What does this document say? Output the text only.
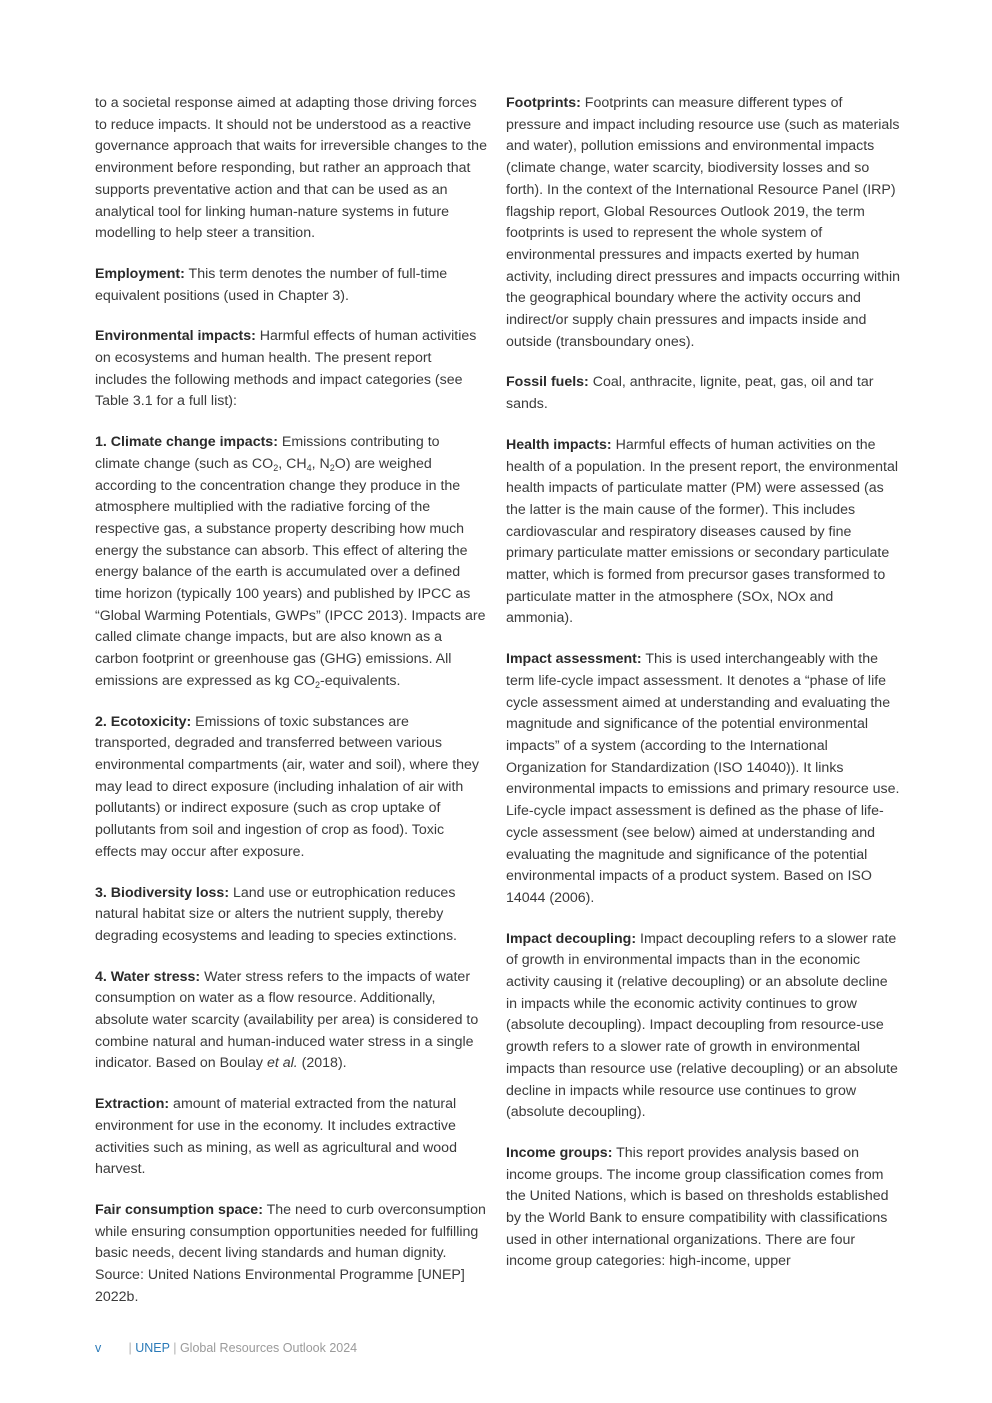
to a societal response aimed at adapting those driving forces to reduce impacts. It should not be understood as a reactive governance approach that waits for irreversible changes to the environment before responding, but rather an approach that supports preventative action and that can be used as an analytical tool for linking human-nature systems in future modelling to help steer a transition.

Employment: This term denotes the number of full-time equivalent positions (used in Chapter 3).

Environmental impacts: Harmful effects of human activities on ecosystems and human health. The present report includes the following methods and impact categories (see Table 3.1 for a full list):

1. Climate change impacts: Emissions contributing to climate change (such as $CO_2$, $CH_4$, $N_2O$) are weighed according to the concentration change they produce in the atmosphere multiplied with the radiative forcing of the respective gas, a substance property describing how much energy the substance can absorb. This effect of altering the energy balance of the earth is accumulated over a defined time horizon (typically 100 years) and published by IPCC as “Global Warming Potentials, GWPs” (IPCC 2013). Impacts are called climate change impacts, but are also known as a carbon footprint or greenhouse gas (GHG) emissions. All emissions are expressed as kg $CO_2$-equivalents.

2. Ecotoxicity: Emissions of toxic substances are transported, degraded and transferred between various environmental compartments (air, water and soil), where they may lead to direct exposure (including inhalation of air with pollutants) or indirect exposure (such as crop uptake of pollutants from soil and ingestion of crop as food). Toxic effects may occur after exposure.

3. Biodiversity loss: Land use or eutrophication reduces natural habitat size or alters the nutrient supply, thereby degrading ecosystems and leading to species extinctions.

4. Water stress: Water stress refers to the impacts of water consumption on water as a flow resource. Additionally, absolute water scarcity (availability per area) is considered to combine natural and human-induced water stress in a single indicator. Based on Boulay et al. (2018).

Extraction: amount of material extracted from the natural environment for use in the economy. It includes extractive activities such as mining, as well as agricultural and wood harvest.

Fair consumption space: The need to curb overconsumption while ensuring consumption opportunities needed for fulfilling basic needs, decent living standards and human dignity. Source: United Nations Environmental Programme [UNEP] 2022b.

Footprints: Footprints can measure different types of pressure and impact including resource use (such as materials and water), pollution emissions and environmental impacts (climate change, water scarcity, biodiversity losses and so forth). In the context of the International Resource Panel (IRP) flagship report, Global Resources Outlook 2019, the term footprints is used to represent the whole system of environmental pressures and impacts exerted by human activity, including direct pressures and impacts occurring within the geographical boundary where the activity occurs and indirect/or supply chain pressures and impacts inside and outside (transboundary ones).

Fossil fuels: Coal, anthracite, lignite, peat, gas, oil and tar sands.

Health impacts: Harmful effects of human activities on the health of a population. In the present report, the environmental health impacts of particulate matter (PM) were assessed (as the latter is the main cause of the former). This includes cardiovascular and respiratory diseases caused by fine primary particulate matter emissions or secondary particulate matter, which is formed from precursor gases transformed to particulate matter in the atmosphere (SOx, NOx and ammonia).

Impact assessment: This is used interchangeably with the term life-cycle impact assessment. It denotes a “phase of life cycle assessment aimed at understanding and evaluating the magnitude and significance of the potential environmental impacts” of a system (according to the International Organization for Standardization (ISO 14040)). It links environmental impacts to emissions and primary resource use. Life-cycle impact assessment is defined as the phase of life-cycle assessment (see below) aimed at understanding and evaluating the magnitude and significance of the potential environmental impacts of a product system. Based on ISO 14044 (2006).

Impact decoupling: Impact decoupling refers to a slower rate of growth in environmental impacts than in the economic activity causing it (relative decoupling) or an absolute decline in impacts while the economic activity continues to grow (absolute decoupling). Impact decoupling from resource-use growth refers to a slower rate of growth in environmental impacts than resource use (relative decoupling) or an absolute decline in impacts while resource use continues to grow (absolute decoupling).

Income groups: This report provides analysis based on income groups. The income group classification comes from the United Nations, which is based on thresholds established by the World Bank to ensure compatibility with classifications used in other international organizations. There are four income group categories: high-income, upper

v | UNEP | Global Resources Outlook 2024
